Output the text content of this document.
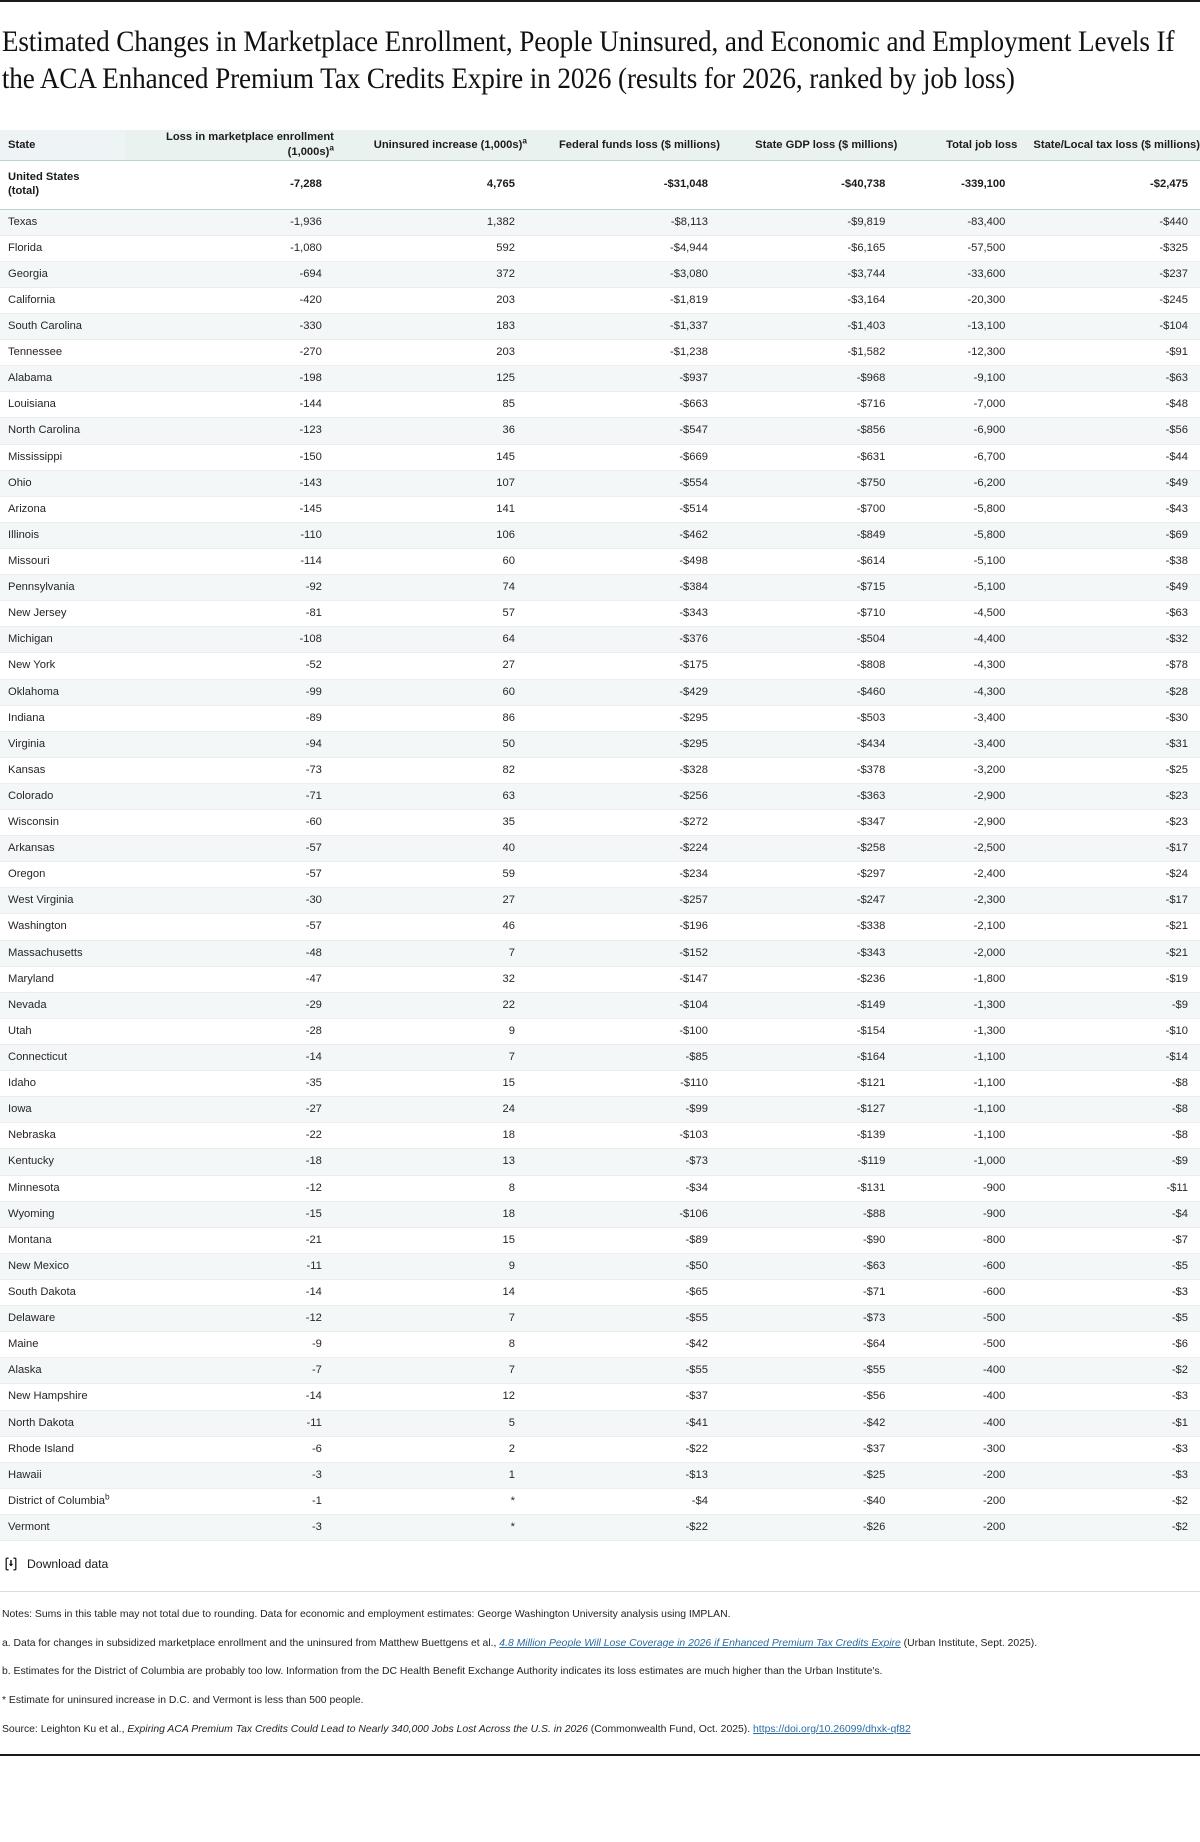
Estimated Changes in Marketplace Enrollment, People Uninsured, and Economic and Employment Levels If the ACA Enhanced Premium Tax Credits Expire in 2026 (results for 2026, ranked by job loss)
State	Loss in marketplace enrollment $(1,000s)^a$	Uninsured increase $(1,000s)^a$	Federal funds loss ($ millions)	State GDP loss ($ millions)	Total job loss	State/Local tax loss ($ millions)
United States (total)	-7,288	4,765	-$31,048	-$40,738	-339,100	-$2,475
Texas	-1,936	1,382	-$8,113	-$9,819	-83,400	-$440
Florida	-1,080	592	-$4,944	-$6,165	-57,500	-$325
Georgia	-694	372	-$3,080	-$3,744	-33,600	-$237
California	-420	203	-$1,819	-$3,164	-20,300	-$245
South Carolina	-330	183	-$1,337	-$1,403	-13,100	-$104
Tennessee	-270	203	-$1,238	-$1,582	-12,300	-$91
Alabama	-198	125	-$937	-$968	-9,100	-$63
Louisiana	-144	85	-$663	-$716	-7,000	-$48
North Carolina	-123	36	-$547	-$856	-6,900	-$56
Mississippi	-150	145	-$669	-$631	-6,700	-$44
Ohio	-143	107	-$554	-$750	-6,200	-$49
Arizona	-145	141	-$514	-$700	-5,800	-$43
Illinois	-110	106	-$462	-$849	-5,800	-$69
Missouri	-114	60	-$498	-$614	-5,100	-$38
Pennsylvania	-92	74	-$384	-$715	-5,100	-$49
New Jersey	-81	57	-$343	-$710	-4,500	-$63
Michigan	-108	64	-$376	-$504	-4,400	-$32
New York	-52	27	-$175	-$808	-4,300	-$78
Oklahoma	-99	60	-$429	-$460	-4,300	-$28
Indiana	-89	86	-$295	-$503	-3,400	-$30
Virginia	-94	50	-$295	-$434	-3,400	-$31
Kansas	-73	82	-$328	-$378	-3,200	-$25
Colorado	-71	63	-$256	-$363	-2,900	-$23
Wisconsin	-60	35	-$272	-$347	-2,900	-$23
Arkansas	-57	40	-$224	-$258	-2,500	-$17
Oregon	-57	59	-$234	-$297	-2,400	-$24
West Virginia	-30	27	-$257	-$247	-2,300	-$17
Washington	-57	46	-$196	-$338	-2,100	-$21
Massachusetts	-48	7	-$152	-$343	-2,000	-$21
Maryland	-47	32	-$147	-$236	-1,800	-$19
Nevada	-29	22	-$104	-$149	-1,300	-$9
Utah	-28	9	-$100	-$154	-1,300	-$10
Connecticut	-14	7	-$85	-$164	-1,100	-$14
Idaho	-35	15	-$110	-$121	-1,100	-$8
Iowa	-27	24	-$99	-$127	-1,100	-$8
Nebraska	-22	18	-$103	-$139	-1,100	-$8
Kentucky	-18	13	-$73	-$119	-1,000	-$9
Minnesota	-12	8	-$34	-$131	-900	-$11
Wyoming	-15	18	-$106	-$88	-900	-$4
Montana	-21	15	-$89	-$90	-800	-$7
New Mexico	-11	9	-$50	-$63	-600	-$5
South Dakota	-14	14	-$65	-$71	-600	-$3
Delaware	-12	7	-$55	-$73	-500	-$5
Maine	-9	8	-$42	-$64	-500	-$6
Alaska	-7	7	-$55	-$55	-400	-$2
New Hampshire	-14	12	-$37	-$56	-400	-$3
North Dakota	-11	5	-$41	-$42	-400	-$1
Rhode Island	-6	2	-$22	-$37	-300	-$3
Hawaii	-3	1	-$13	-$25	-200	-$3
District of Columbia$^b$	-1	*	-$4	-$40	-200	-$2
Vermont	-3	*	-$22	-$26	-200	-$2
Download data

Notes: Sums in this table may not total due to rounding. Data for economic and employment estimates: George Washington University analysis using IMPLAN.

a. Data for changes in subsidized marketplace enrollment and the uninsured from Matthew Buettgens et al., 4.8 Million People Will Lose Coverage in 2026 if Enhanced Premium Tax Credits Expire (Urban Institute, Sept. 2025).

b. Estimates for the District of Columbia are probably too low. Information from the DC Health Benefit Exchange Authority indicates its loss estimates are much higher than the Urban Institute's.

* Estimate for uninsured increase in D.C. and Vermont is less than 500 people.

Source: Leighton Ku et al., Expiring ACA Premium Tax Credits Could Lead to Nearly 340,000 Jobs Lost Across the U.S. in 2026 (Commonwealth Fund, Oct. 2025). https://doi.org/10.26099/dhxk-qf82
